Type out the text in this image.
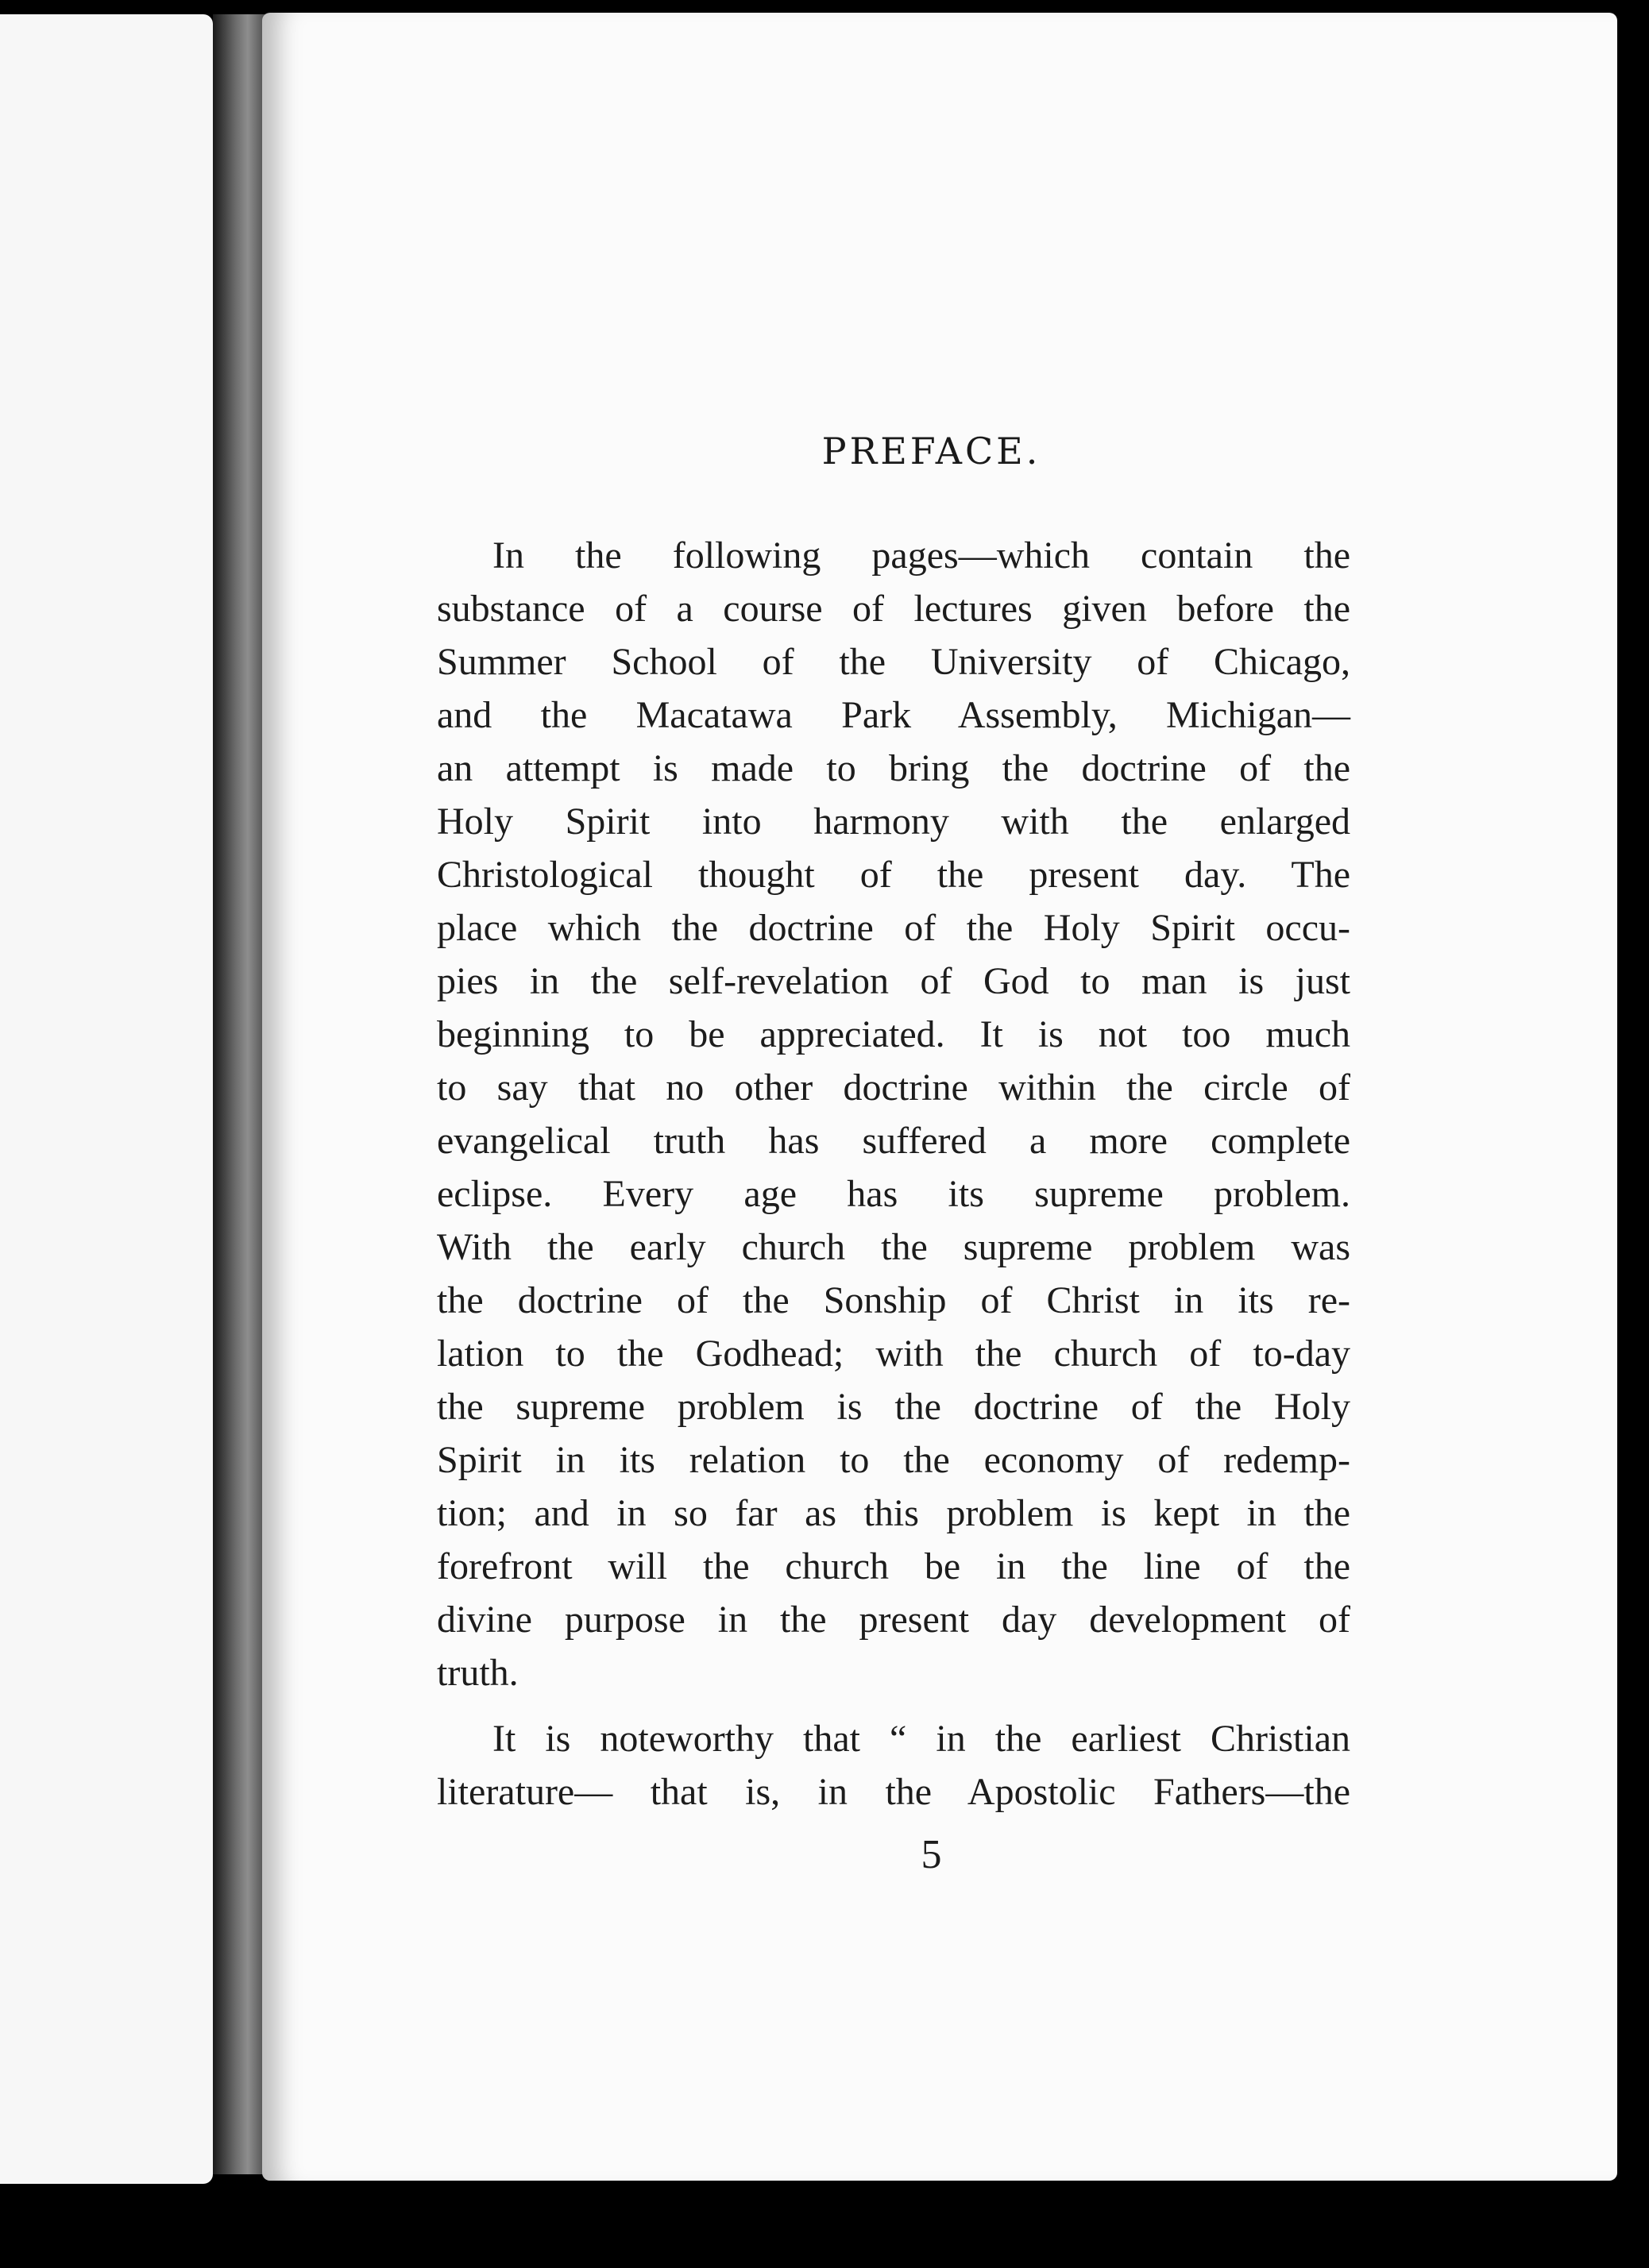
PREFACE.
In the following pages—which contain the
substance of a course of lectures given before the
Summer School of the University of Chicago,
and the Macatawa Park Assembly, Michigan—
an attempt is made to bring the doctrine of the
Holy Spirit into harmony with the enlarged
Christological thought of the present day. The
place which the doctrine of the Holy Spirit occu-
pies in the self-revelation of God to man is just
beginning to be appreciated. It is not too much
to say that no other doctrine within the circle of
evangelical truth has suffered a more complete
eclipse. Every age has its supreme problem.
With the early church the supreme problem was
the doctrine of the Sonship of Christ in its re-
lation to the Godhead; with the church of to-day
the supreme problem is the doctrine of the Holy
Spirit in its relation to the economy of redemp-
tion; and in so far as this problem is kept in the
forefront will the church be in the line of the
divine purpose in the present day development of
truth.
It is noteworthy that “ in the earliest Christian
literature— that is, in the Apostolic Fathers—the
5
